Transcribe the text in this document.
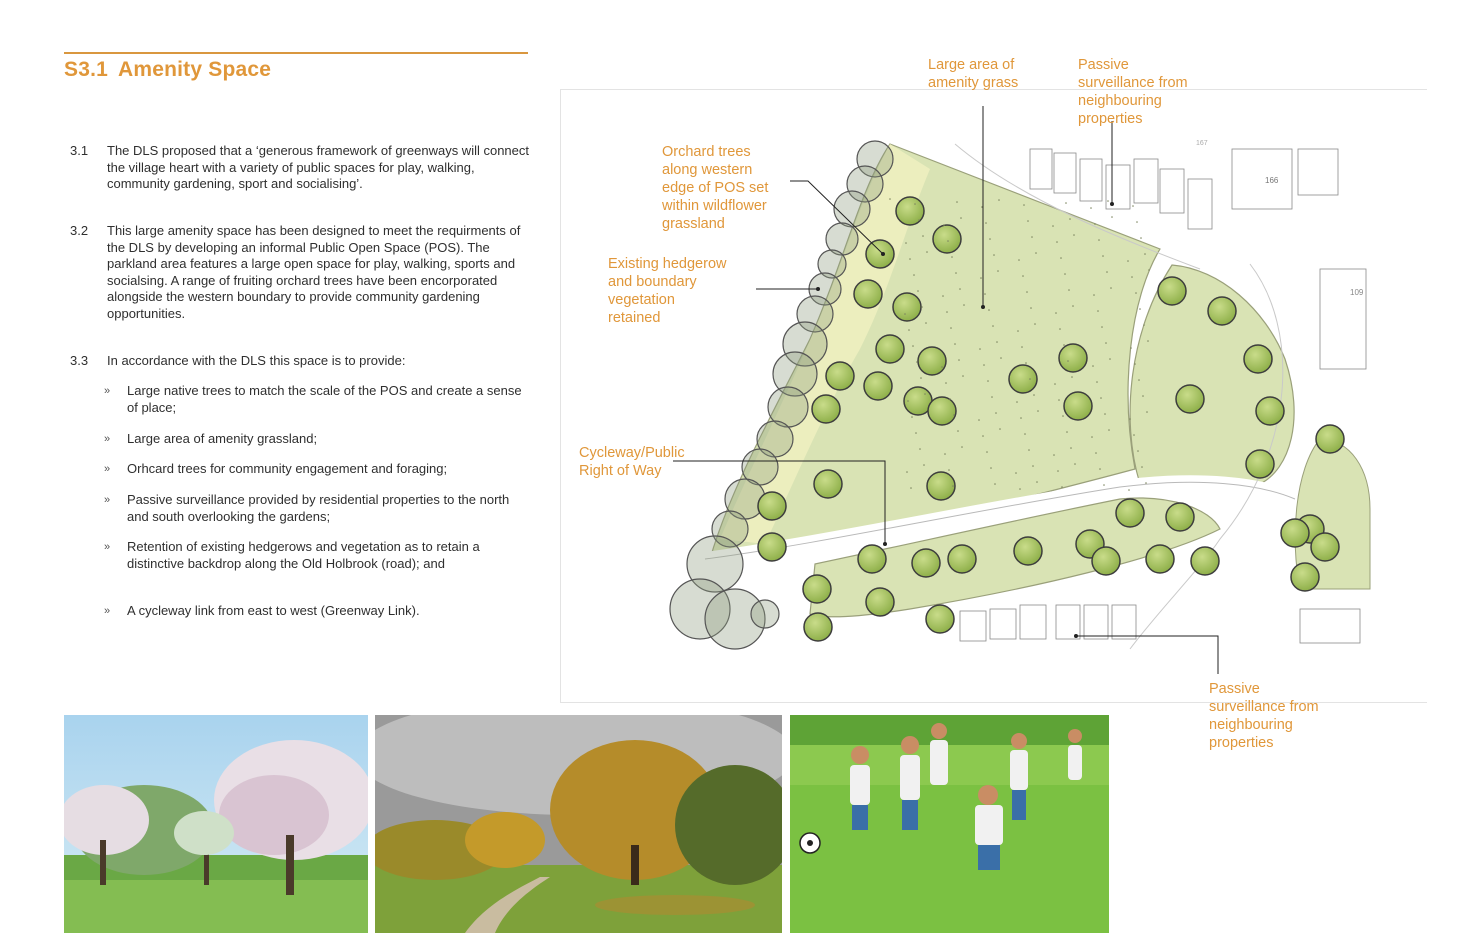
S3.1 Amenity Space
3.1	The DLS proposed that a ‘generous framework of greenways will connect the village heart with a variety of public spaces for play, walking, community gardening, sport and socialising’.
3.2	This large amenity space has been designed to meet the requirments of the DLS by developing an informal Public Open Space (POS). The parkland area features a large open space for play, walking, sports and socialsing. A range of fruiting orchard trees have been encorporated alongside the western boundary to provide community gardening opportunities.
3.3	In accordance with the DLS this space is to provide:
» Large native trees to match the scale of the POS and create a sense of place;
» Large area of amenity grassland;
» Orhcard trees for community engagement and foraging;
» Passive surveillance provided by residential properties to the north and south overlooking the gardens;
» Retention of existing hedgerows and vegetation as to retain a distinctive backdrop along the Old Holbrook (road); and
» A cycleway link from east to west (Greenway Link).
166
109
167
Large area of
amenity grass
Passive
surveillance from
neighbouring
properties
Orchard trees
along western
edge of POS set
within wildflower
grassland
Existing hedgerow
and boundary
vegetation
retained
Cycleway/Public
Right of Way
Passive
surveillance from
neighbouring
properties
